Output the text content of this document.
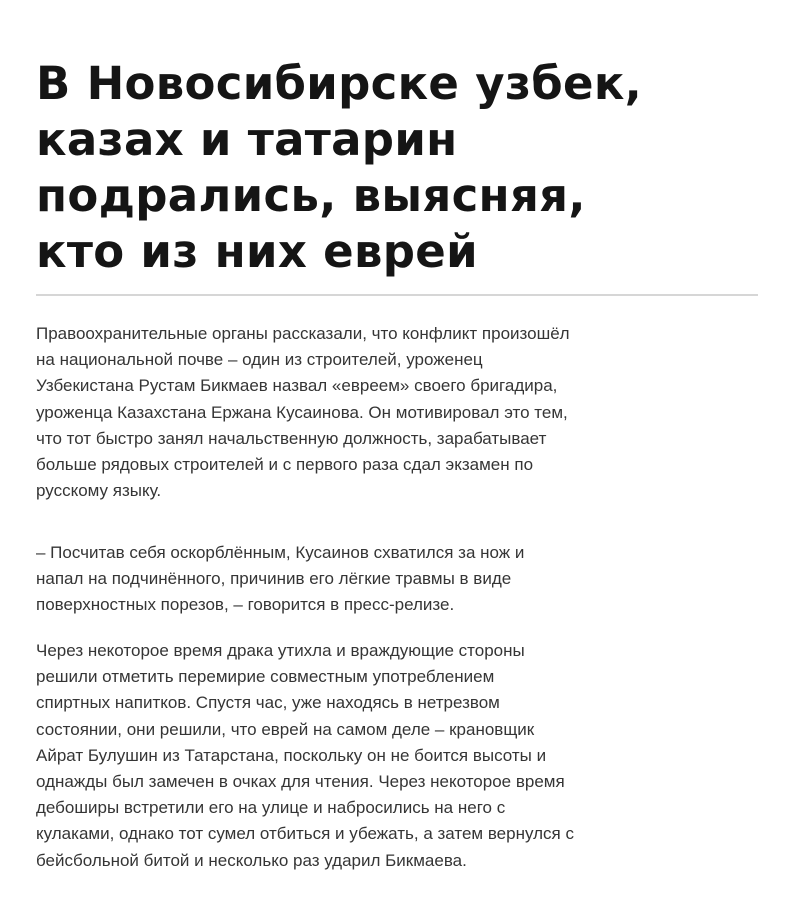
В Новосибирске узбек,
казах и татарин
подрались, выясняя,
кто из них еврей

Правоохранительные органы рассказали, что конфликт произошёл
на национальной почве – один из строителей, уроженец
Узбекистана Рустам Бикмаев назвал «евреем» своего бригадира,
уроженца Казахстана Ержана Кусаинова. Он мотивировал это тем,
что тот быстро занял начальственную должность, зарабатывает
больше рядовых строителей и с первого раза сдал экзамен по
русскому языку.

– Посчитав себя оскорблённым, Кусаинов схватился за нож и
напал на подчинённого, причинив его лёгкие травмы в виде
поверхностных порезов, – говорится в пресс-релизе.

Через некоторое время драка утихла и враждующие стороны
решили отметить перемирие совместным употреблением
спиртных напитков. Спустя час, уже находясь в нетрезвом
состоянии, они решили, что еврей на самом деле – крановщик
Айрат Булушин из Татарстана, поскольку он не боится высоты и
однажды был замечен в очках для чтения. Через некоторое время
дебоширы встретили его на улице и набросились на него с
кулаками, однако тот сумел отбиться и убежать, а затем вернулся с
бейсбольной битой и несколько раз ударил Бикмаева.
